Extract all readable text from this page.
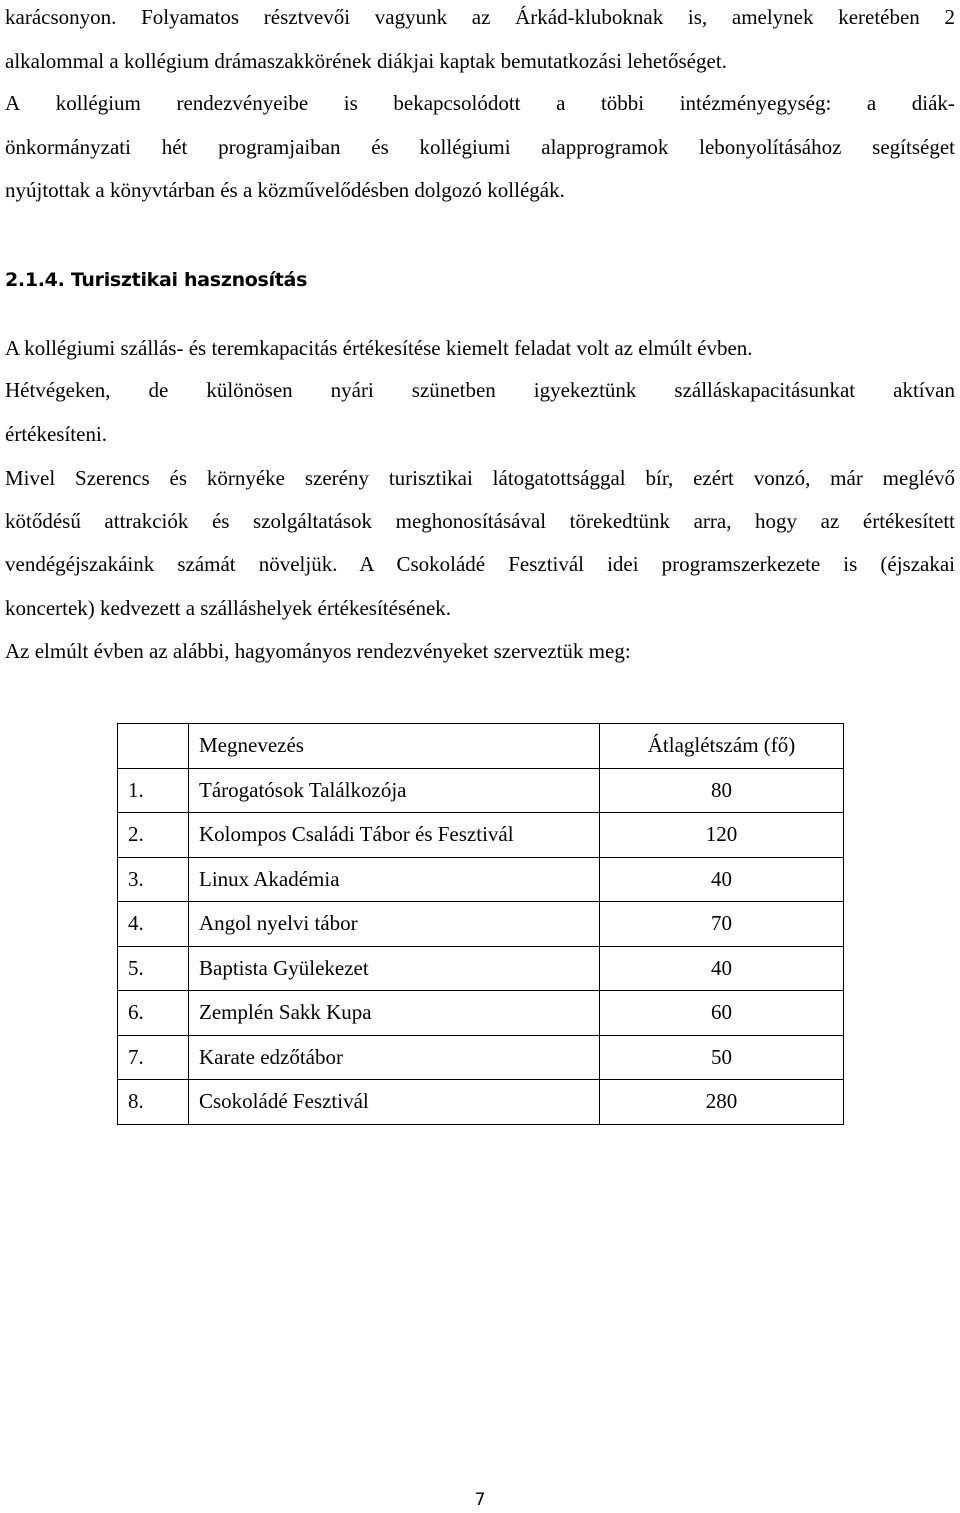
karácsonyon. Folyamatos résztvevői vagyunk az Árkád-kluboknak is, amelynek keretében 2
alkalommal a kollégium drámaszakkörének diákjai kaptak bemutatkozási lehetőséget.
A kollégium rendezvényeibe is bekapcsolódott a többi intézményegység: a diák-
önkormányzati hét programjaiban és kollégiumi alapprogramok lebonyolításához segítséget
nyújtottak a könyvtárban és a közművelődésben dolgozó kollégák.
2.1.4. Turisztikai hasznosítás
A kollégiumi szállás- és teremkapacitás értékesítése kiemelt feladat volt az elmúlt évben.
Hétvégeken, de különösen nyári szünetben igyekeztünk szálláskapacitásunkat aktívan
értékesíteni.
Mivel Szerencs és környéke szerény turisztikai látogatottsággal bír, ezért vonzó, már meglévő
kötődésű attrakciók és szolgáltatások meghonosításával törekedtünk arra, hogy az értékesített
vendégéjszakáink számát növeljük. A Csokoládé Fesztivál idei programszerkezete is (éjszakai
koncertek) kedvezett a szálláshelyek értékesítésének.
Az elmúlt évben az alábbi, hagyományos rendezvényeket szerveztük meg:
	Megnevezés	Átlaglétszám (fő)
1.	Tárogatósok Találkozója	80
2.	Kolompos Családi Tábor és Fesztivál	120
3.	Linux Akadémia	40
4.	Angol nyelvi tábor	70
5.	Baptista Gyülekezet	40
6.	Zemplén Sakk Kupa	60
7.	Karate edzőtábor	50
8.	Csokoládé Fesztivál	280
7
